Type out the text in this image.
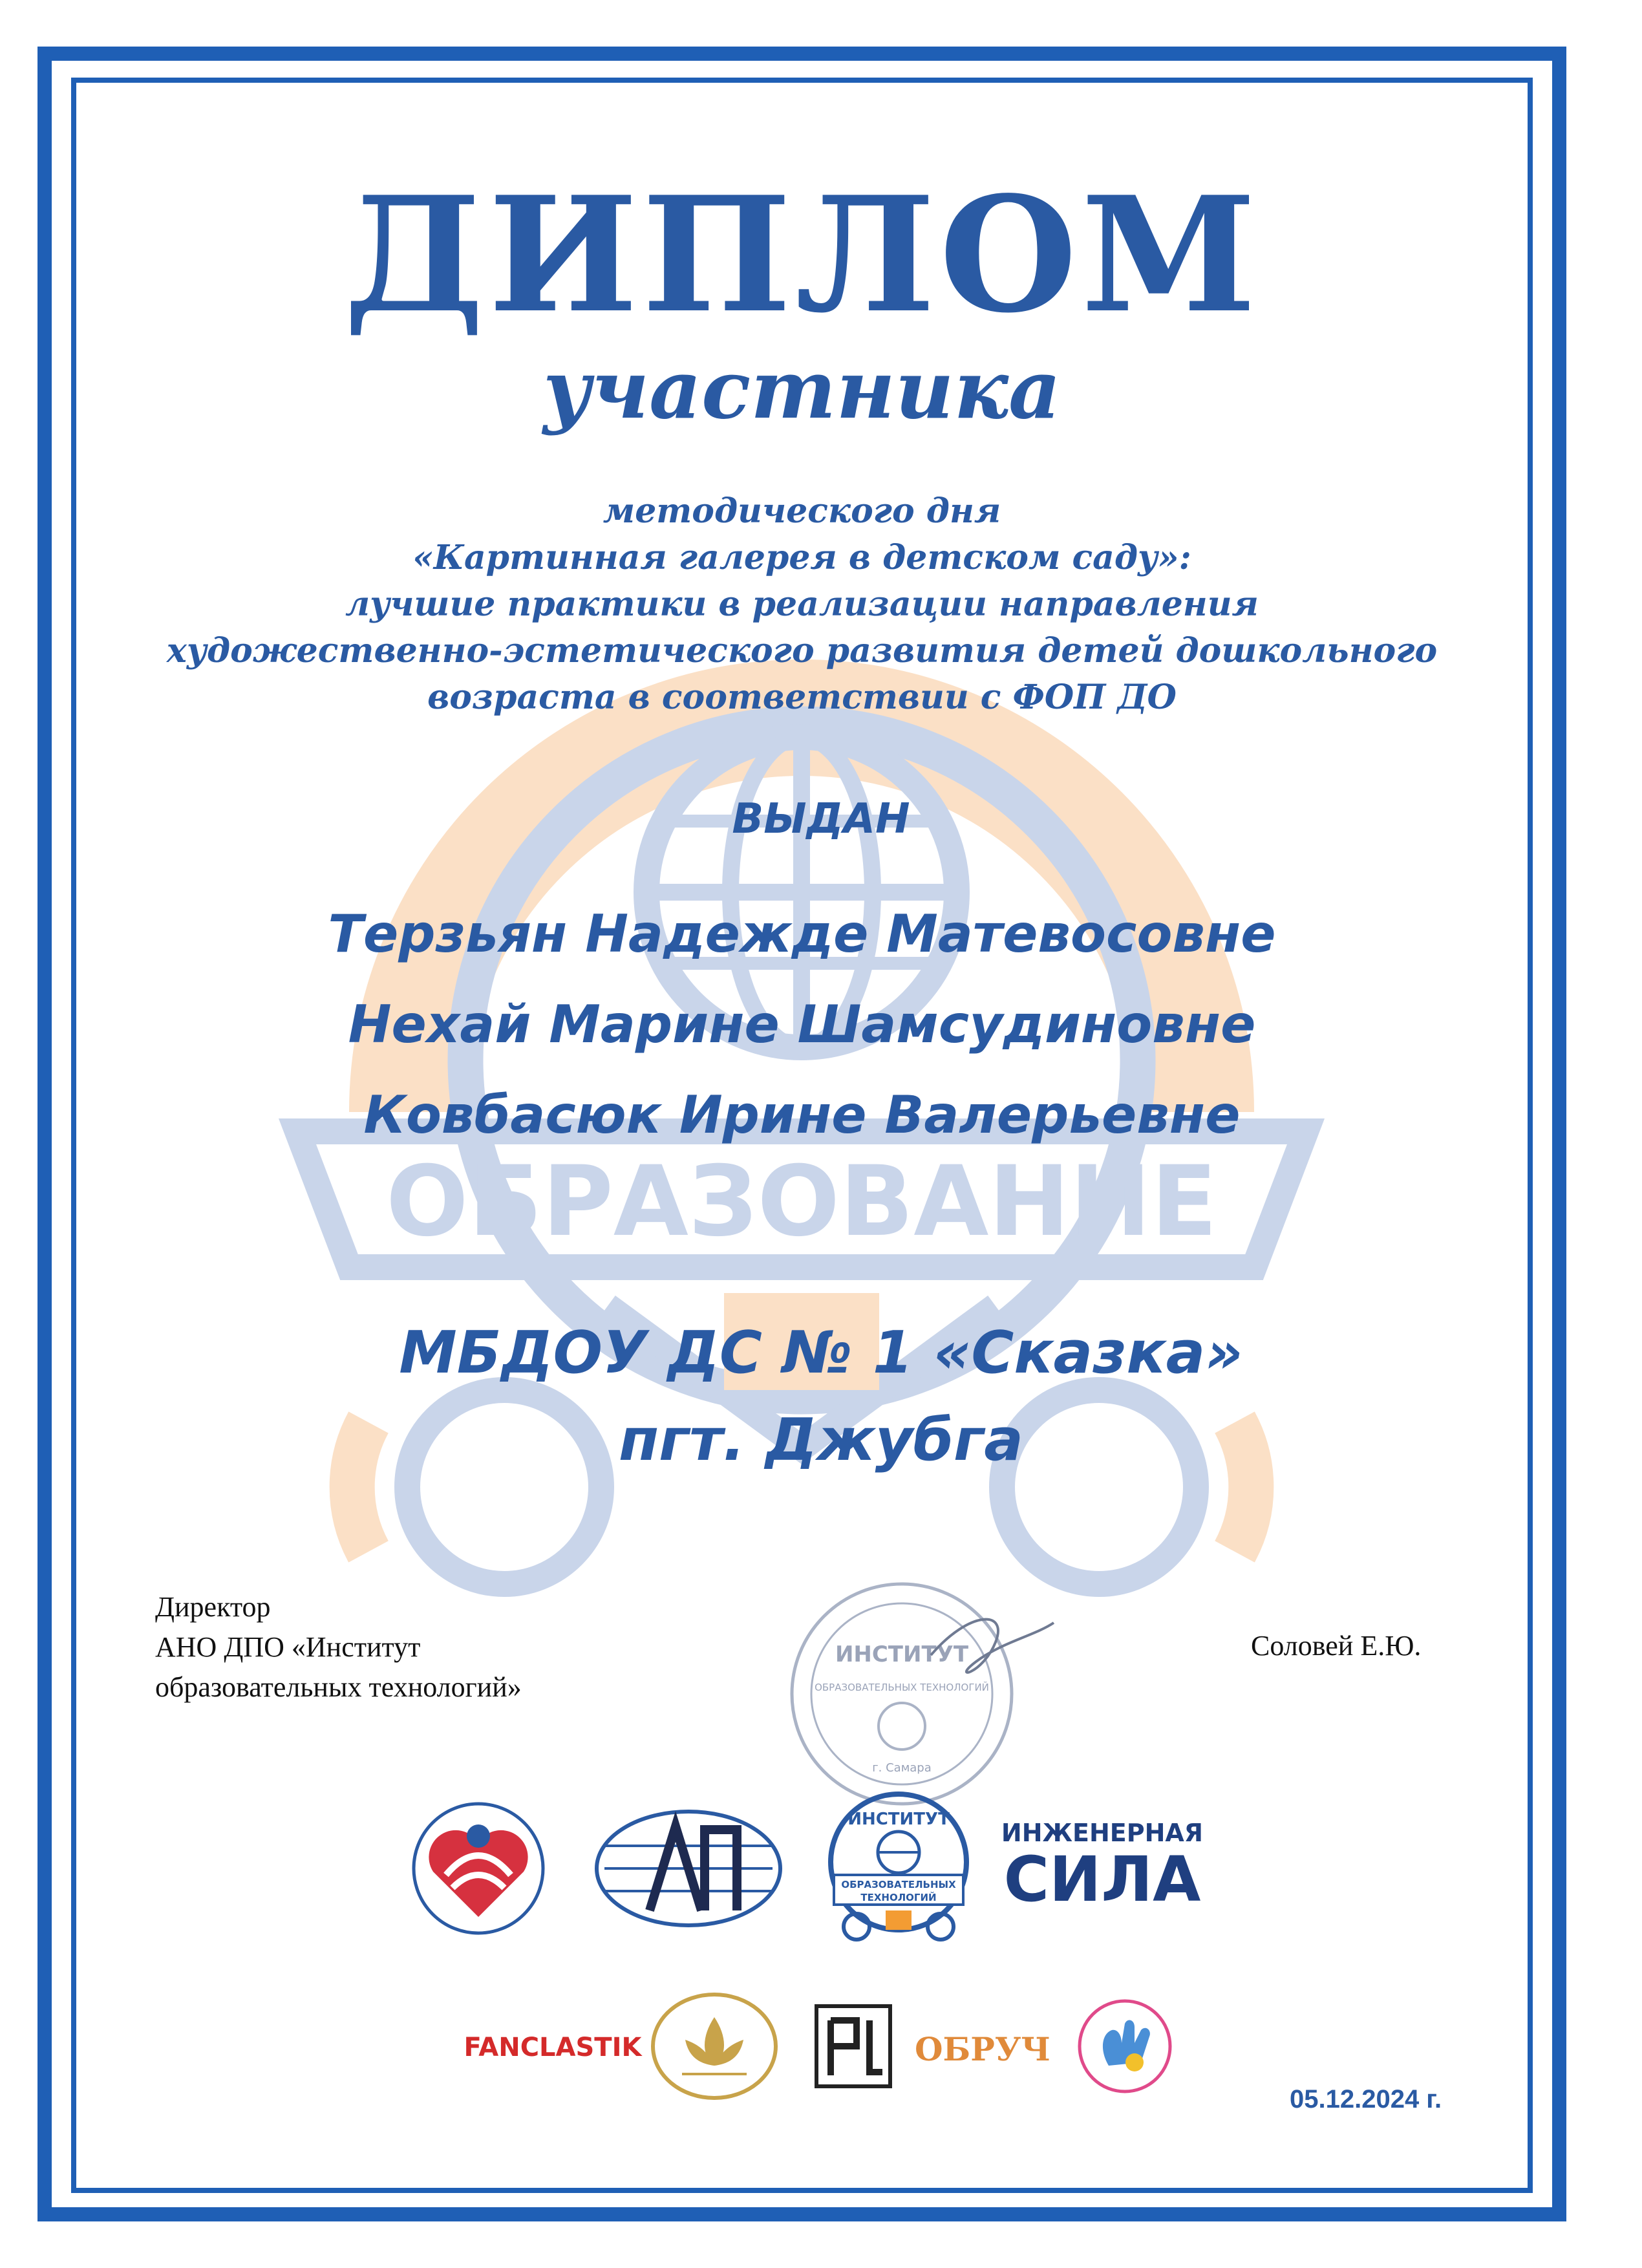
ОБРАЗОВАНИЕ
ДИПЛОМ
участника
методического дня
«Картинная галерея в детском саду»:
лучшие практики в реализации направления
художественно-эстетического развития детей дошкольного
возраста в соответствии с ФОП ДО
ВЫДАН
Терзьян Надежде Матевосовне
Нехай Марине Шамсудиновне
Ковбасюк Ирине Валерьевне
МБДОУ ДС № 1 «Сказка»
пгт. Джубга
Директор
АНО ДПО «Институт
образовательных технологий»
Соловей Е.Ю.
ИНСТИТУТ
ОБРАЗОВАТЕЛЬНЫХ ТЕХНОЛОГИЙ
г. Самара
ИНСТИТУТ
ОБРАЗОВАТЕЛЬНЫХ
ТЕХНОЛОГИЙ
ИНЖЕНЕРНАЯ
СИЛА
FANCLASTIK	ОБРУЧ
05.12.2024 г.
